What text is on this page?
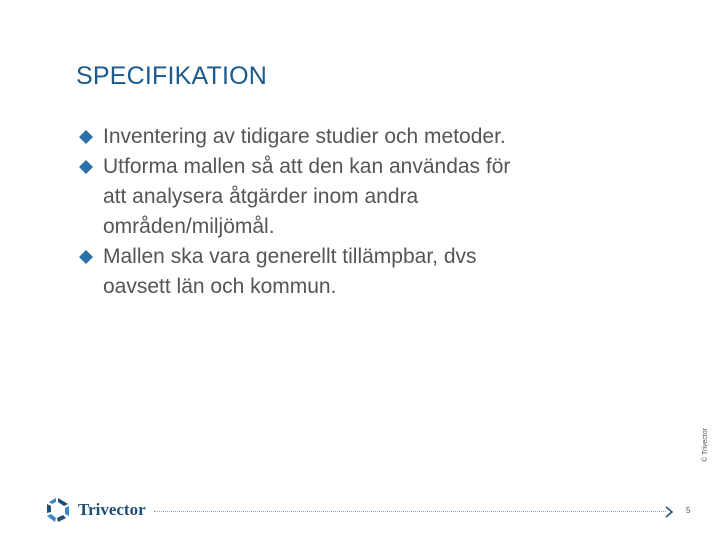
SPECIFIKATION
Inventering av tidigare studier och metoder.
Utforma mallen så att den kan användas för att analysera åtgärder inom andra områden/miljömål.
Mallen ska vara generellt tillämpbar, dvs oavsett län och kommun.
© Trivector
Trivector	5
